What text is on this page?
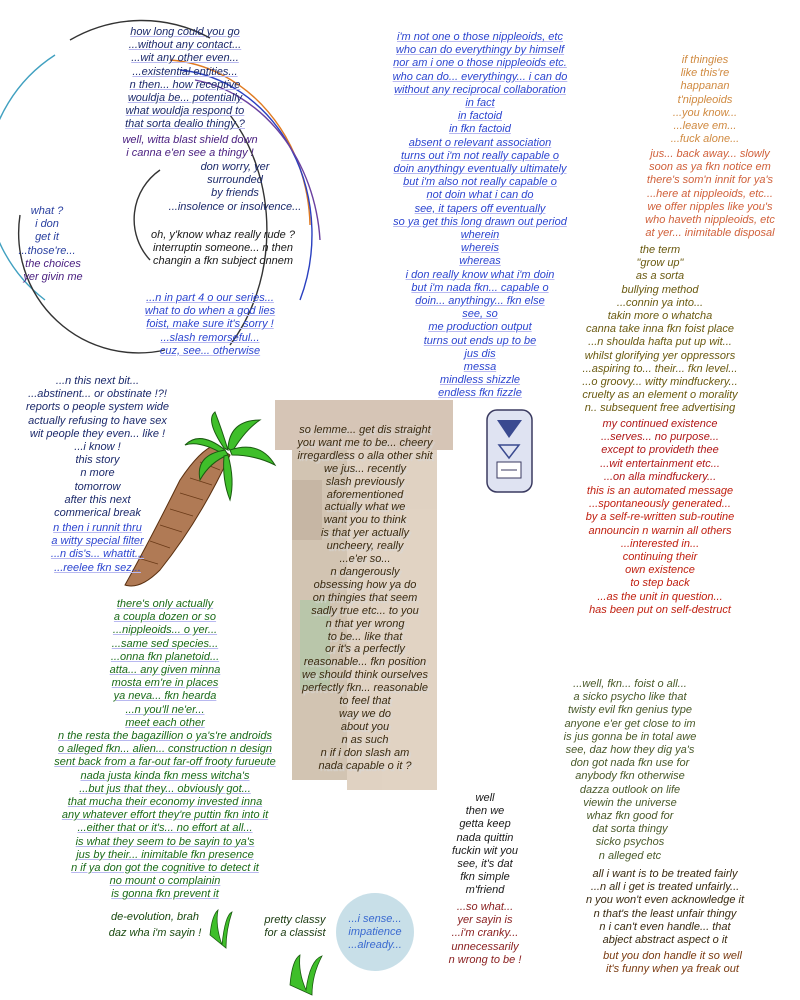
how long could you go
...without any contact...
...wit any other even...
...existential entities...
n then... how receptive
wouldja be... potentially
what wouldja respond to
that sorta dealio thingy ?
well, witta blast shield down
i canna e'en see a thingy !
don worry, yer
surrounded
by friends
...insolence or insolvence...
what ?
i don
get it
...those're...
the choices
yer givin me
oh, y'know whaz really rude ?
interruptin someone... n then
changin a fkn subject onnem
...n in part 4 o our series...
what to do when a god lies
foist, make sure it's sorry !
...slash remorseful...
cuz, see... otherwise
i'm not one o those nippleoids, etc
who can do everythingy by himself
nor am i one o those nippleoids etc.
who can do... everythingy... i can do
without any reciprocal collaboration
in fact
in factoid
in fkn factoid
absent o relevant association
turns out i'm not really capable o
doin anythingy eventually ultimately
but i'm also not really capable o
not doin what i can do
see, it tapers off eventually
so ya get this long drawn out period
wherein
whereis
whereas
i don really know what i'm doin
but i'm nada fkn... capable o
doin... anythingy... fkn else
see, so
me production output
turns out ends up to be
jus dis
messa
mindless shizzle
endless fkn fizzle
if thingies
like this're
happanan
t'nippleoids
...you know...
...leave em...
...fuck alone...
jus... back away... slowly
soon as ya fkn notice em
there's som'n innit for ya's
...here at nippleoids, etc...
we offer nipples like you's
who haveth nippleoids, etc
at yer... inimitable disposal
the term
"grow up"
as a sorta
bullying method
...connin ya into...
takin more o whatcha
canna take inna fkn foist place
...n shoulda hafta put up wit...
whilst glorifying yer oppressors
...aspiring to... their... fkn level...
...o groovy... witty mindfuckery...
cruelty as an element o morality
n.. subsequent free advertising
my continued existence
...serves... no purpose...
except to provideth thee
...wit entertainment etc...
...on alla mindfuckery...
this is an automated message
...spontaneously generated...
by a self-re-written sub-routine
announcin n warnin all others
...interested in...
continuing their
own existence
to step back
...as the unit in question...
has been put on self-destruct
...n this next bit...
...abstinent... or obstinate !?!
reports o people system wide
actually refusing to have sex
wit people they even... like !
...i know !
this story
n more
tomorrow
after this next
commerical break
n then i runnit thru
a witty special filter
...n dis's... whattit...
...reelee fkn sez...
so lemme... get dis straight
you want me to be... cheery
irregardless o alla other shit
we jus... recently
slash previously
aforementioned
actually what we
want you to think
is that yer actually
uncheery, really
...e'er so...
n dangerously
obsessing how ya do
on thingies that seem
sadly true etc... to you
n that yer wrong
to be... like that
or it's a perfectly
reasonable... fkn position
we should think ourselves
perfectly fkn... reasonable
to feel that
way we do
about you
n as such
n if i don slash am
nada capable o it ?
there's only actually
a coupla dozen or so
...nippleoids... o yer...
...same sed species...
...onna fkn planetoid...
atta... any given minna
mosta em're in places
ya neva... fkn hearda
...n you'll ne'er...
meet each other
n the resta the bagazillion o ya's're androids
o alleged fkn... alien... construction n design
sent back from a far-out far-off frooty furueute
nada justa kinda fkn mess witcha's
...but jus that they... obviously got...
that mucha their economy invested inna
any whatever effort they're puttin fkn into it
...either that or it's... no effort at all...
is what they seem to be sayin to ya's
jus by their... inimitable fkn presence
n if ya don got the cognitive to detect it
no mount o complainin
is gonna fkn prevent it
de-evolution, brah
daz wha i'm sayin !
pretty classy
for a classist
...i sense...
impatience
...already...
well
then we
getta keep
nada quittin
fuckin wit you
see, it's dat
fkn simple
m'friend
...so what...
yer sayin is
...i'm cranky...
unnecessarily
n wrong to be !
...well, fkn... foist o all...
a sicko psycho like that
twisty evil fkn genius type
anyone e'er get close to im
is jus gonna be in total awe
see, daz how they dig ya's
don got nada fkn use for
anybody fkn otherwise
dazza outlook on life
viewin the universe
whaz fkn good for
dat sorta thingy
sicko psychos
n alleged etc
all i want is to be treated fairly
...n all i get is treated unfairly...
n you won't even acknowledge it
n that's the least unfair thingy
n i can't even handle... that
abject abstract aspect o it
but you don handle it so well
it's funny when ya freak out
